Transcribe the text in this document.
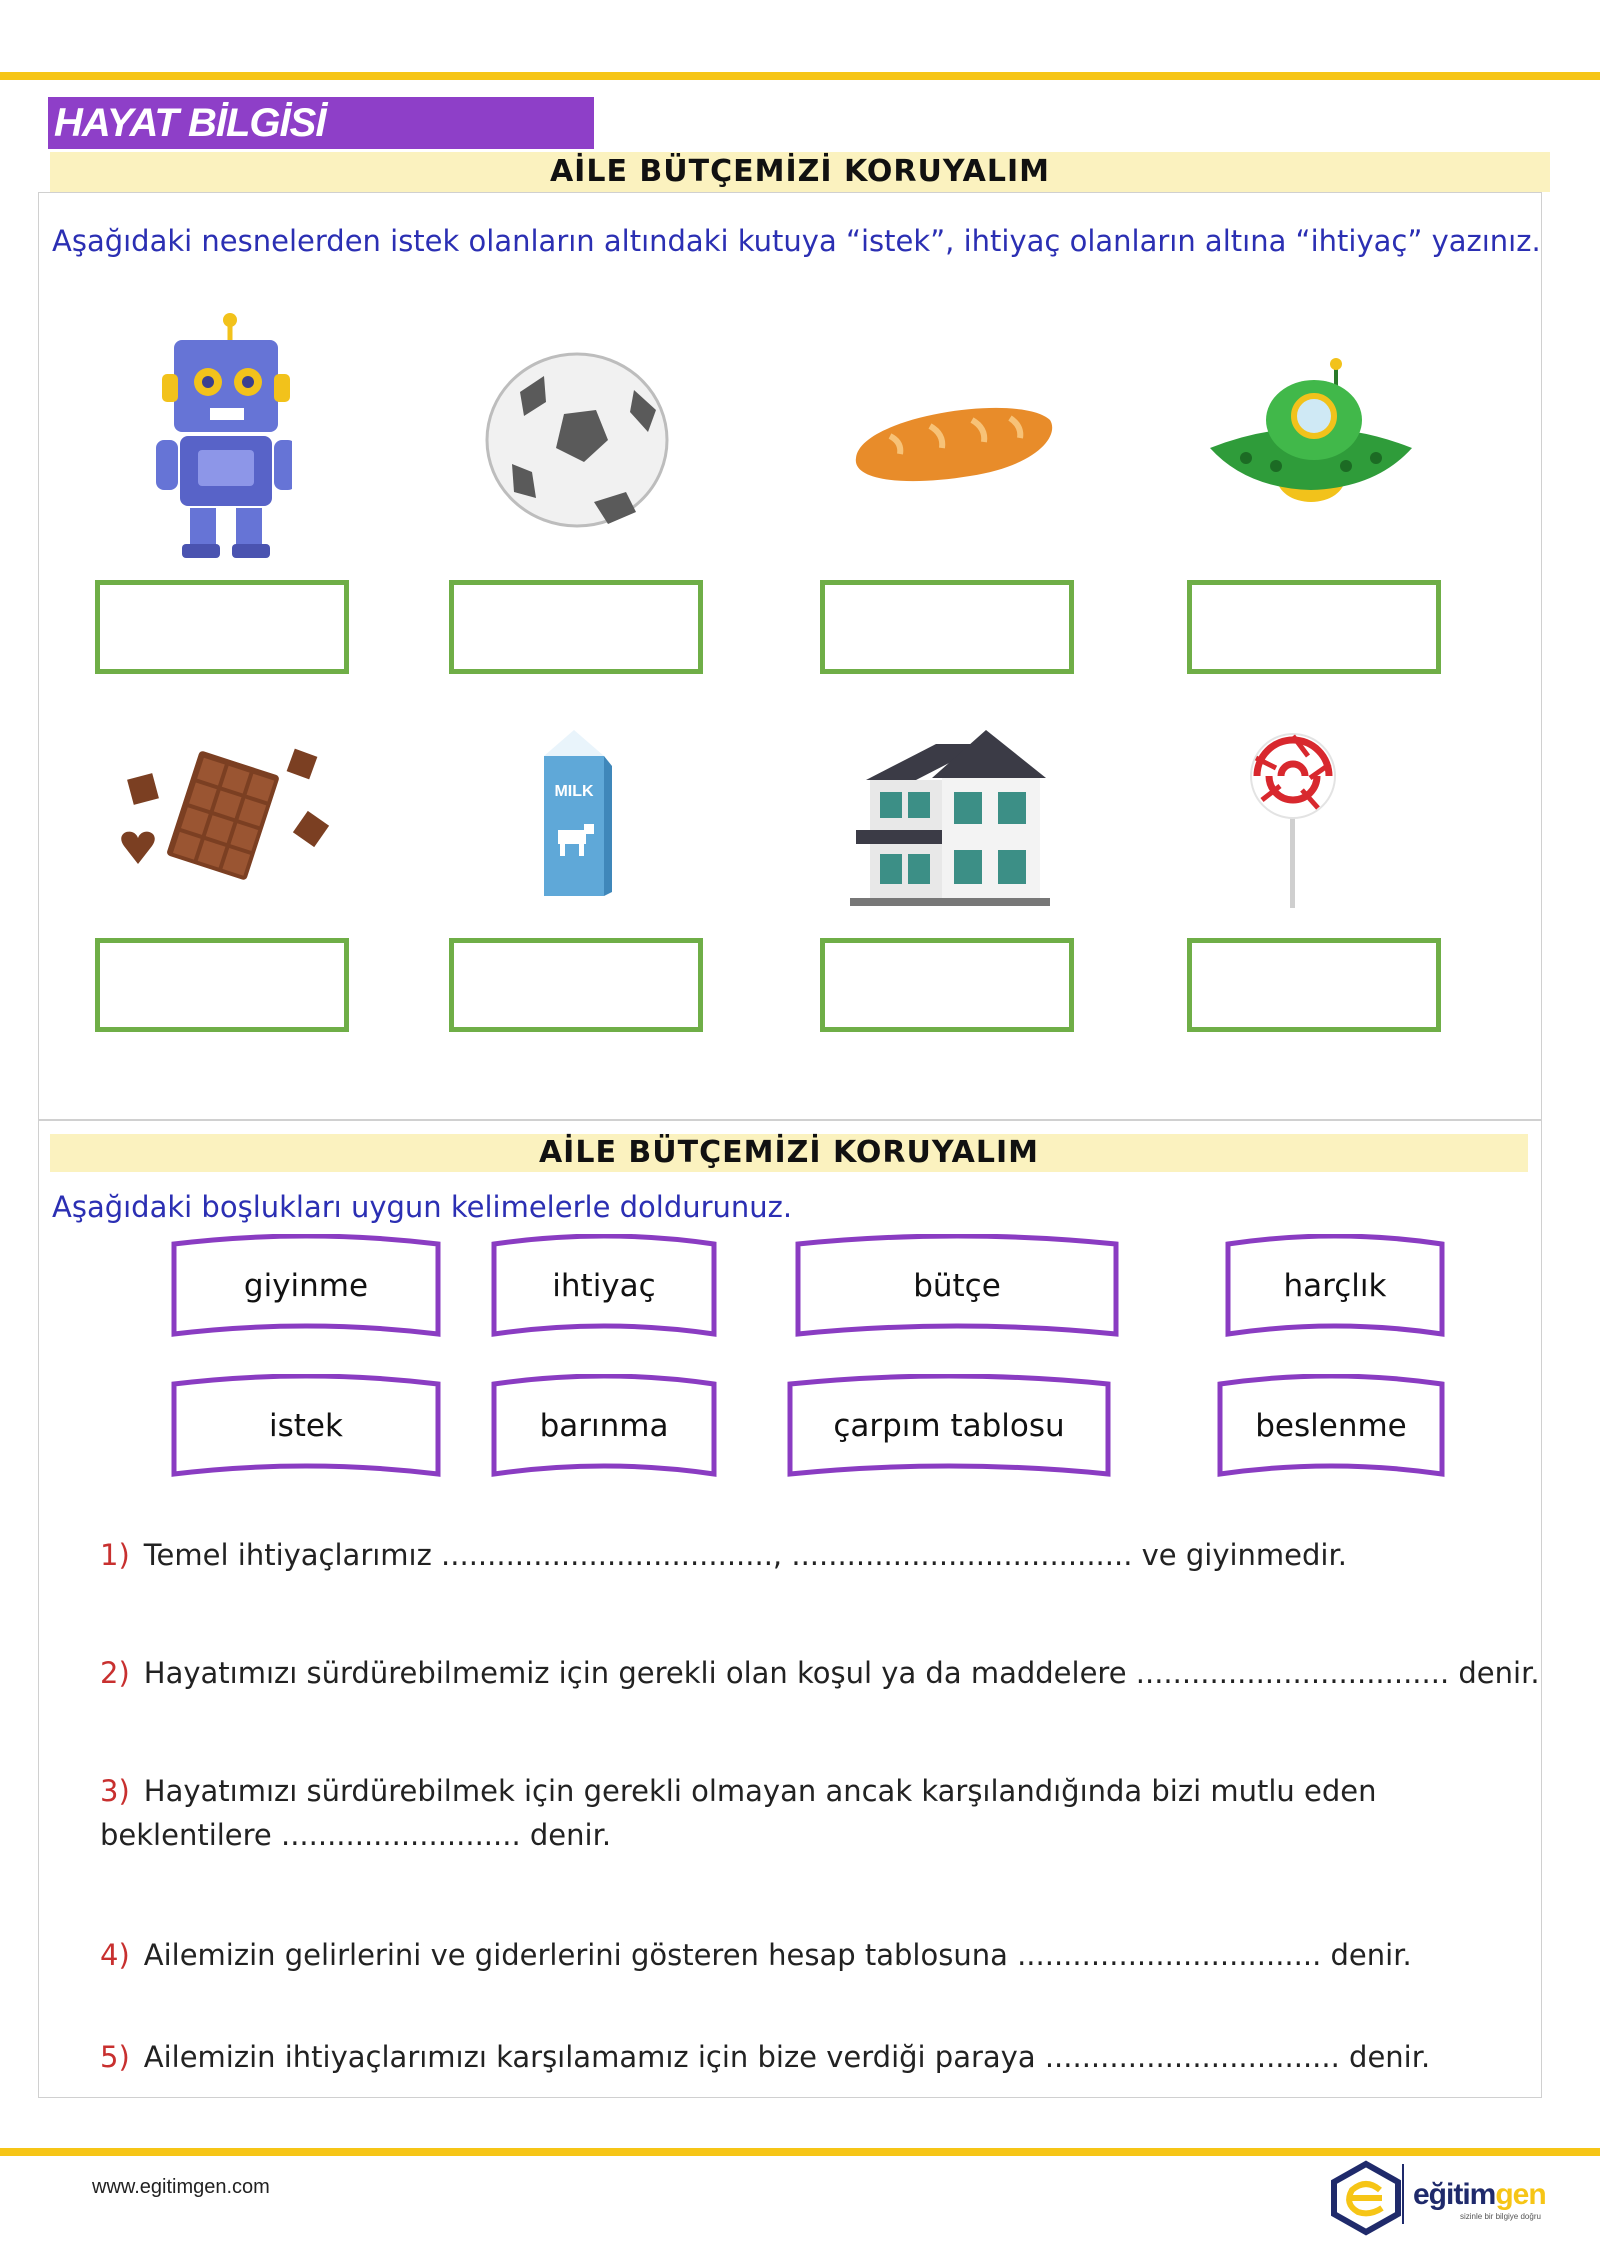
HAYAT BİLGİSİ
AİLE BÜTÇEMİZİ KORUYALIM
Aşağıdaki nesnelerden istek olanların altındaki kutuya “istek”, ihtiyaç olanların altına “ihtiyaç” yazınız.
MILK
AİLE BÜTÇEMİZİ KORUYALIM
Aşağıdaki boşlukları uygun kelimelerle doldurunuz.
giyinme	ihtiyaç	bütçe	harçlık
istek	barınma	çarpım tablosu	beslenme
1) Temel ihtiyaçlarımız ...................................., ..................................... ve giyinmedir.
2) Hayatımızı sürdürebilmemiz için gerekli olan koşul ya da maddelere .................................. denir.
3) Hayatımızı sürdürebilmek için gerekli olmayan ancak karşılandığında bizi mutlu eden
beklentilere .......................... denir.
4) Ailemizin gelirlerini ve giderlerini gösteren hesap tablosuna ................................. denir.
5) Ailemizin ihtiyaçlarımızı karşılamamız için bize verdiği paraya ................................ denir.
www.egitimgen.com	eğitimgen
sizinle bir bilgiye doğru
